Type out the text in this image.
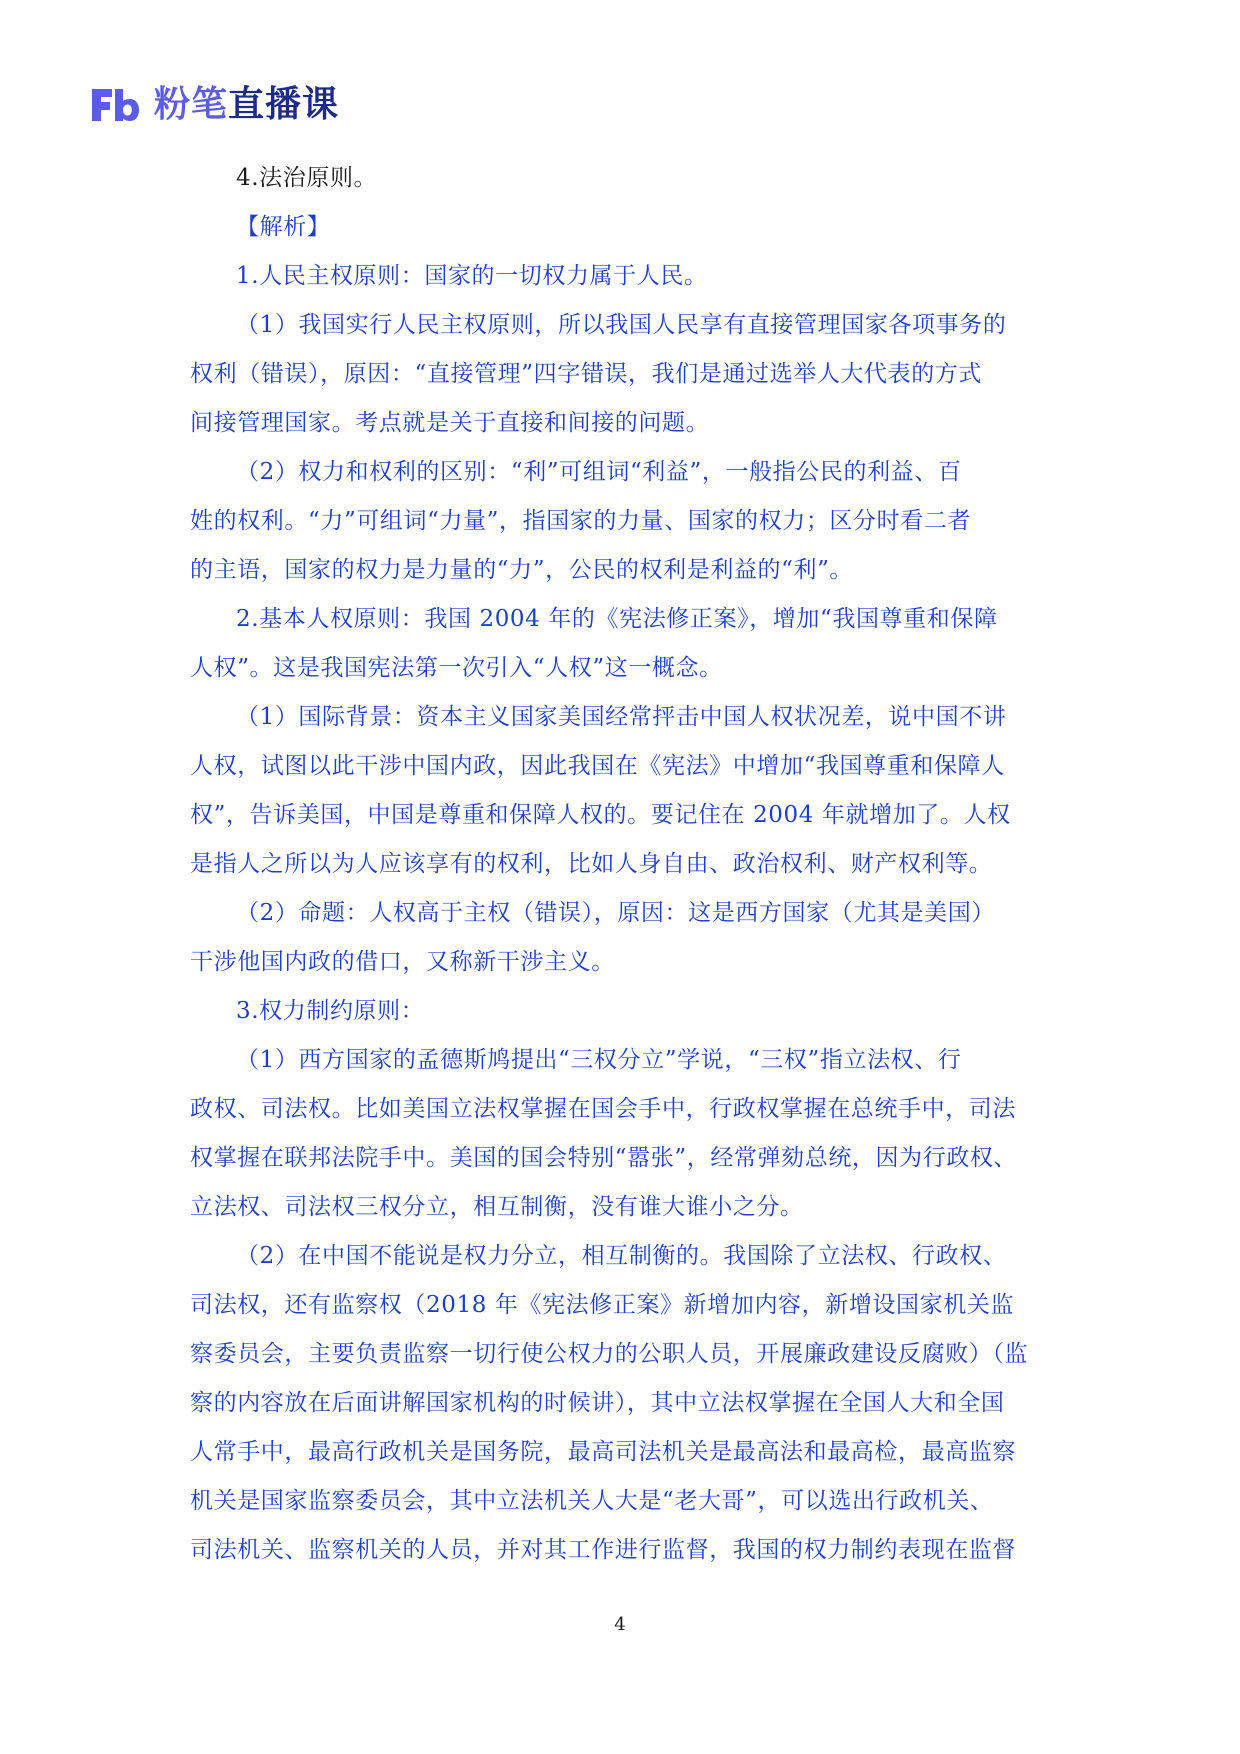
粉笔直播课
4.法治原则。
【解析】
1.人民主权原则：国家的一切权力属于人民。
（1）我国实行人民主权原则，所以我国人民享有直接管理国家各项事务的
权利（错误），原因：“直接管理”四字错误，我们是通过选举人大代表的方式
间接管理国家。考点就是关于直接和间接的问题。
（2）权力和权利的区别：“利”可组词“利益”，一般指公民的利益、百
姓的权利。“力”可组词“力量”，指国家的力量、国家的权力；区分时看二者
的主语，国家的权力是力量的“力”，公民的权利是利益的“利”。
2.基本人权原则：我国 2004 年的《宪法修正案》，增加“我国尊重和保障
人权”。这是我国宪法第一次引入“人权”这一概念。
（1）国际背景：资本主义国家美国经常抨击中国人权状况差，说中国不讲
人权，试图以此干涉中国内政，因此我国在《宪法》中增加“我国尊重和保障人
权”，告诉美国，中国是尊重和保障人权的。要记住在 2004 年就增加了。人权
是指人之所以为人应该享有的权利，比如人身自由、政治权利、财产权利等。
（2）命题：人权高于主权（错误），原因：这是西方国家（尤其是美国）
干涉他国内政的借口，又称新干涉主义。
3.权力制约原则：
（1）西方国家的孟德斯鸠提出“三权分立”学说，“三权”指立法权、行
政权、司法权。比如美国立法权掌握在国会手中，行政权掌握在总统手中，司法
权掌握在联邦法院手中。美国的国会特别“嚣张”，经常弹劾总统，因为行政权、
立法权、司法权三权分立，相互制衡，没有谁大谁小之分。
（2）在中国不能说是权力分立，相互制衡的。我国除了立法权、行政权、
司法权，还有监察权（2018 年《宪法修正案》新增加内容，新增设国家机关监
察委员会，主要负责监察一切行使公权力的公职人员，开展廉政建设反腐败）（监
察的内容放在后面讲解国家机构的时候讲），其中立法权掌握在全国人大和全国
人常手中，最高行政机关是国务院，最高司法机关是最高法和最高检，最高监察
机关是国家监察委员会，其中立法机关人大是“老大哥”，可以选出行政机关、
司法机关、监察机关的人员，并对其工作进行监督，我国的权力制约表现在监督
4
